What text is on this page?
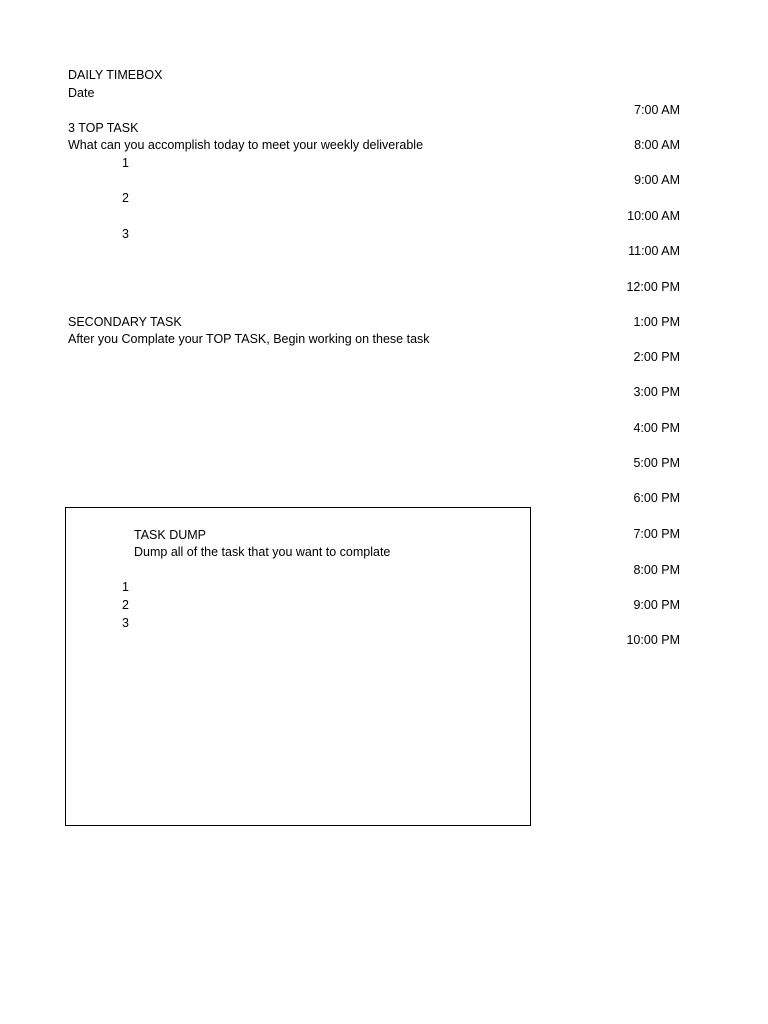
DAILY TIMEBOX
Date
3 TOP TASK
What can you accomplish today to meet your weekly deliverable
1
2
3
SECONDARY TASK
After you Complate your TOP TASK, Begin working on these task
TASK DUMP
Dump all of the task that you want to complate
1
2
3
7:00 AM
8:00 AM
9:00 AM
10:00 AM
11:00 AM
12:00 PM
1:00 PM
2:00 PM
3:00 PM
4:00 PM
5:00 PM
6:00 PM
7:00 PM
8:00 PM
9:00 PM
10:00 PM
